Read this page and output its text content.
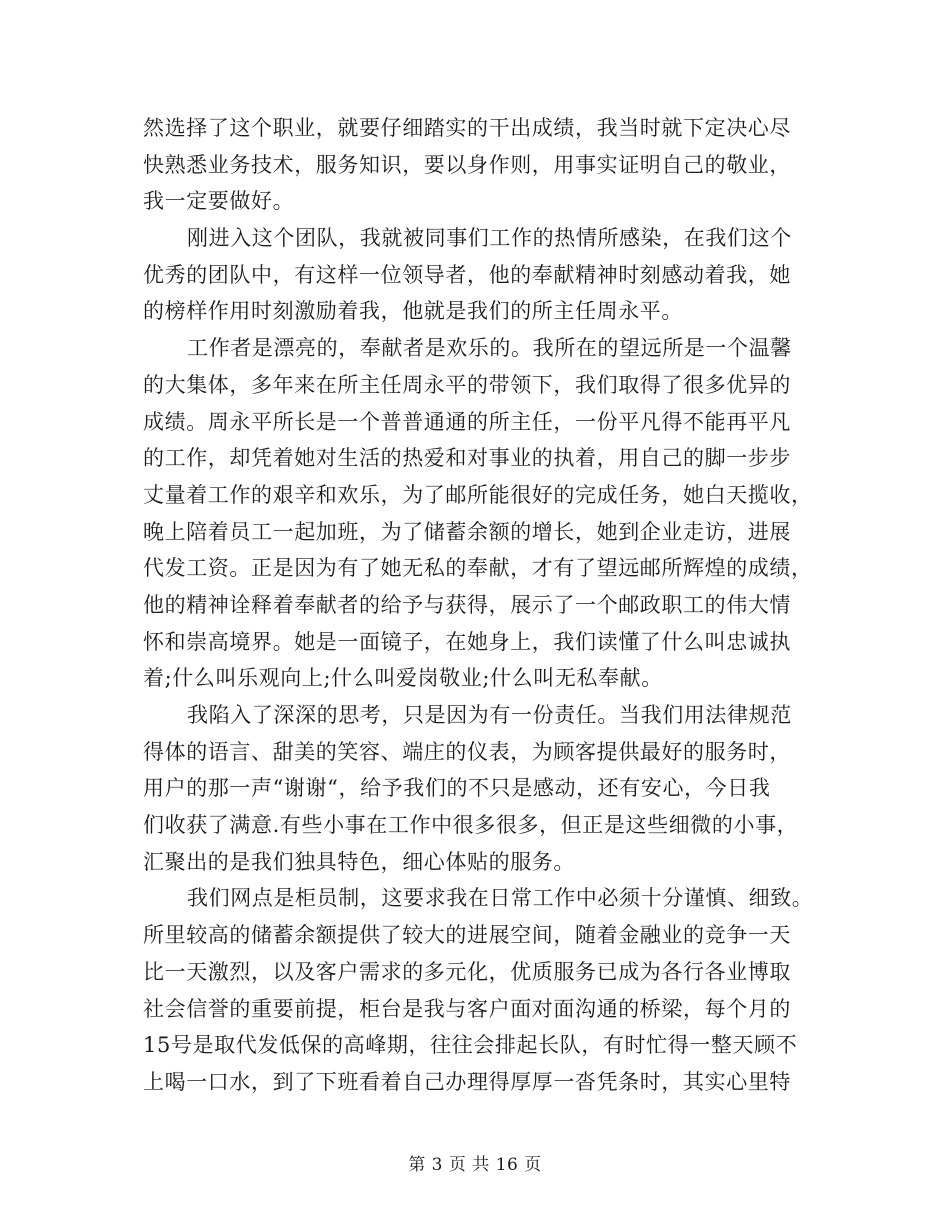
然选择了这个职业，就要仔细踏实的干出成绩，我当时就下定决心尽
快熟悉业务技术，服务知识，要以身作则，用事实证明自己的敬业，
我一定要做好。
刚进入这个团队，我就被同事们工作的热情所感染，在我们这个
优秀的团队中，有这样一位领导者，他的奉献精神时刻感动着我，她
的榜样作用时刻激励着我，他就是我们的所主任周永平。
工作者是漂亮的，奉献者是欢乐的。我所在的望远所是一个温馨
的大集体，多年来在所主任周永平的带领下，我们取得了很多优异的
成绩。周永平所长是一个普普通通的所主任，一份平凡得不能再平凡
的工作，却凭着她对生活的热爱和对事业的执着，用自己的脚一步步
丈量着工作的艰辛和欢乐，为了邮所能很好的完成任务，她白天揽收，
晚上陪着员工一起加班，为了储蓄余额的增长，她到企业走访，进展
代发工资。正是因为有了她无私的奉献，才有了望远邮所辉煌的成绩，
他的精神诠释着奉献者的给予与获得，展示了一个邮政职工的伟大情
怀和崇高境界。她是一面镜子，在她身上，我们读懂了什么叫忠诚执
着;什么叫乐观向上;什么叫爱岗敬业;什么叫无私奉献。
我陷入了深深的思考，只是因为有一份责任。当我们用法律规范
得体的语言、甜美的笑容、端庄的仪表，为顾客提供最好的服务时，
用户的那一声“谢谢“，给予我们的不只是感动，还有安心，今日我
们收获了满意.有些小事在工作中很多很多，但正是这些细微的小事，
汇聚出的是我们独具特色，细心体贴的服务。
我们网点是柜员制，这要求我在日常工作中必须十分谨慎、细致。
所里较高的储蓄余额提供了较大的进展空间，随着金融业的竞争一天
比一天激烈，以及客户需求的多元化，优质服务已成为各行各业博取
社会信誉的重要前提，柜台是我与客户面对面沟通的桥梁，每个月的
15号是取代发低保的高峰期，往往会排起长队，有时忙得一整天顾不
上喝一口水，到了下班看着自己办理得厚厚一沓凭条时，其实心里特
第 3 页 共 16 页
